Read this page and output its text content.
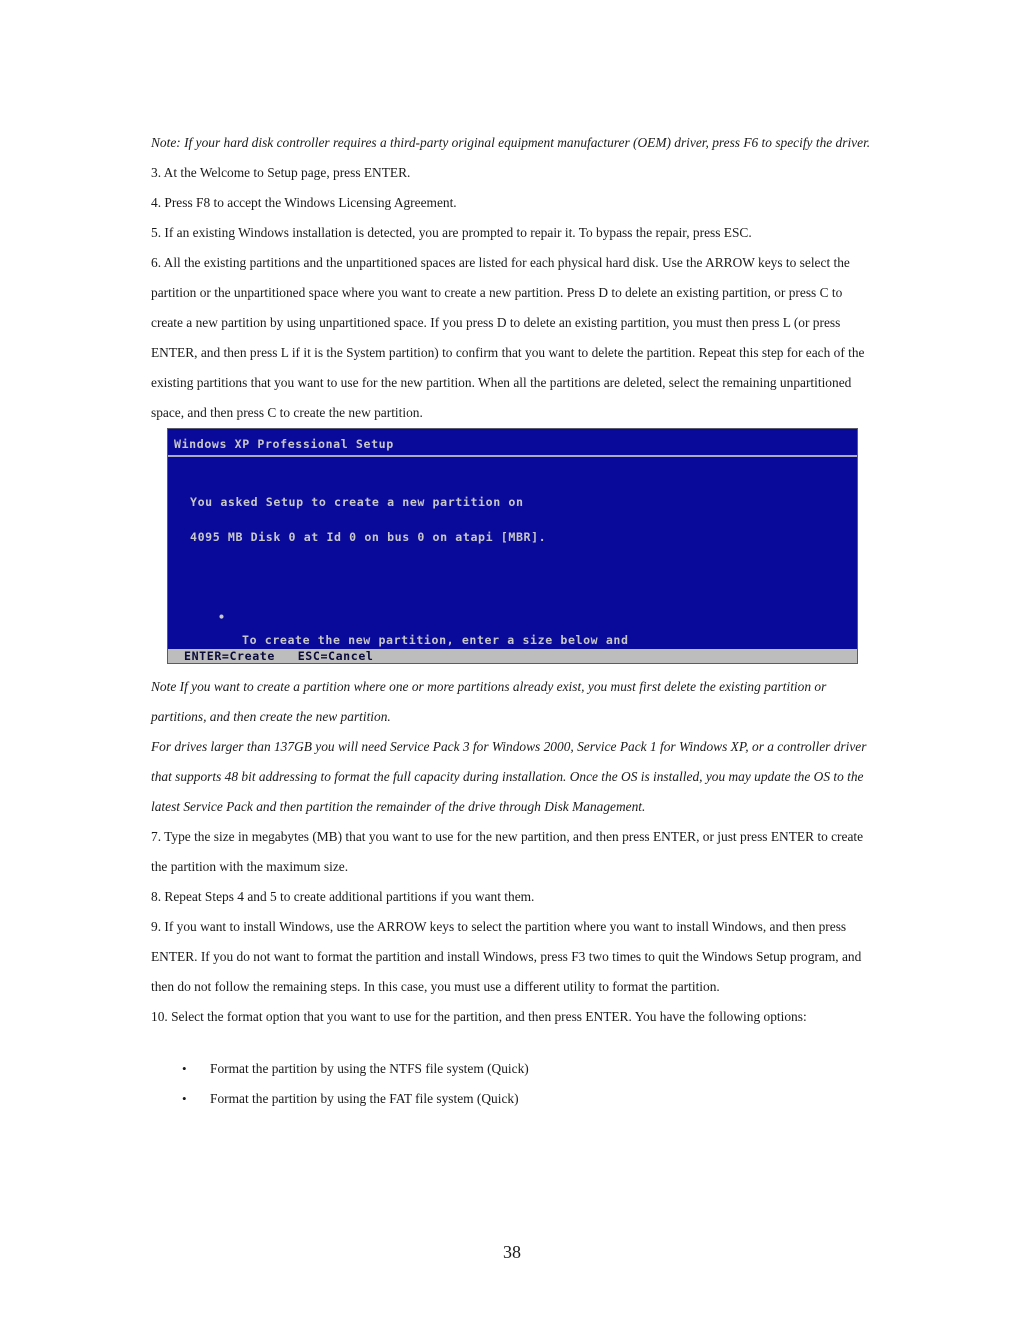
Note: If your hard disk controller requires a third-party original equipment manufacturer (OEM) driver, press F6 to specify the driver.

3. At the Welcome to Setup page, press ENTER.

4. Press F8 to accept the Windows Licensing Agreement.

5. If an existing Windows installation is detected, you are prompted to repair it. To bypass the repair, press ESC.

6. All the existing partitions and the unpartitioned spaces are listed for each physical hard disk. Use the ARROW keys to select the partition or the unpartitioned space where you want to create a new partition. Press D to delete an existing partition, or press C to create a new partition by using unpartitioned space. If you press D to delete an existing partition, you must then press L (or press ENTER, and then press L if it is the System partition) to confirm that you want to delete the partition. Repeat this step for each of the existing partitions that you want to use for the new partition. When all the partitions are deleted, select the remaining unpartitioned space, and then press C to create the new partition.

Windows XP Professional Setup

You asked Setup to create a new partition on

4095 MB Disk 0 at Id 0 on bus 0 on atapi [MBR].

•

To create the new partition, enter a size below and

ENTER=Create   ESC=Cancel

Note If you want to create a partition where one or more partitions already exist, you must first delete the existing partition or partitions, and then create the new partition.

For drives larger than 137GB you will need Service Pack 3 for Windows 2000, Service Pack 1 for Windows XP, or a controller driver that supports 48 bit addressing to format the full capacity during installation. Once the OS is installed, you may update the OS to the latest Service Pack and then partition the remainder of the drive through Disk Management.

7. Type the size in megabytes (MB) that you want to use for the new partition, and then press ENTER, or just press ENTER to create the partition with the maximum size.

8. Repeat Steps 4 and 5 to create additional partitions if you want them.

9. If you want to install Windows, use the ARROW keys to select the partition where you want to install Windows, and then press ENTER. If you do not want to format the partition and install Windows, press F3 two times to quit the Windows Setup program, and then do not follow the remaining steps. In this case, you must use a different utility to format the partition.

10. Select the format option that you want to use for the partition, and then press ENTER. You have the following options:

• Format the partition by using the NTFS file system (Quick)
• Format the partition by using the FAT file system (Quick)
38
